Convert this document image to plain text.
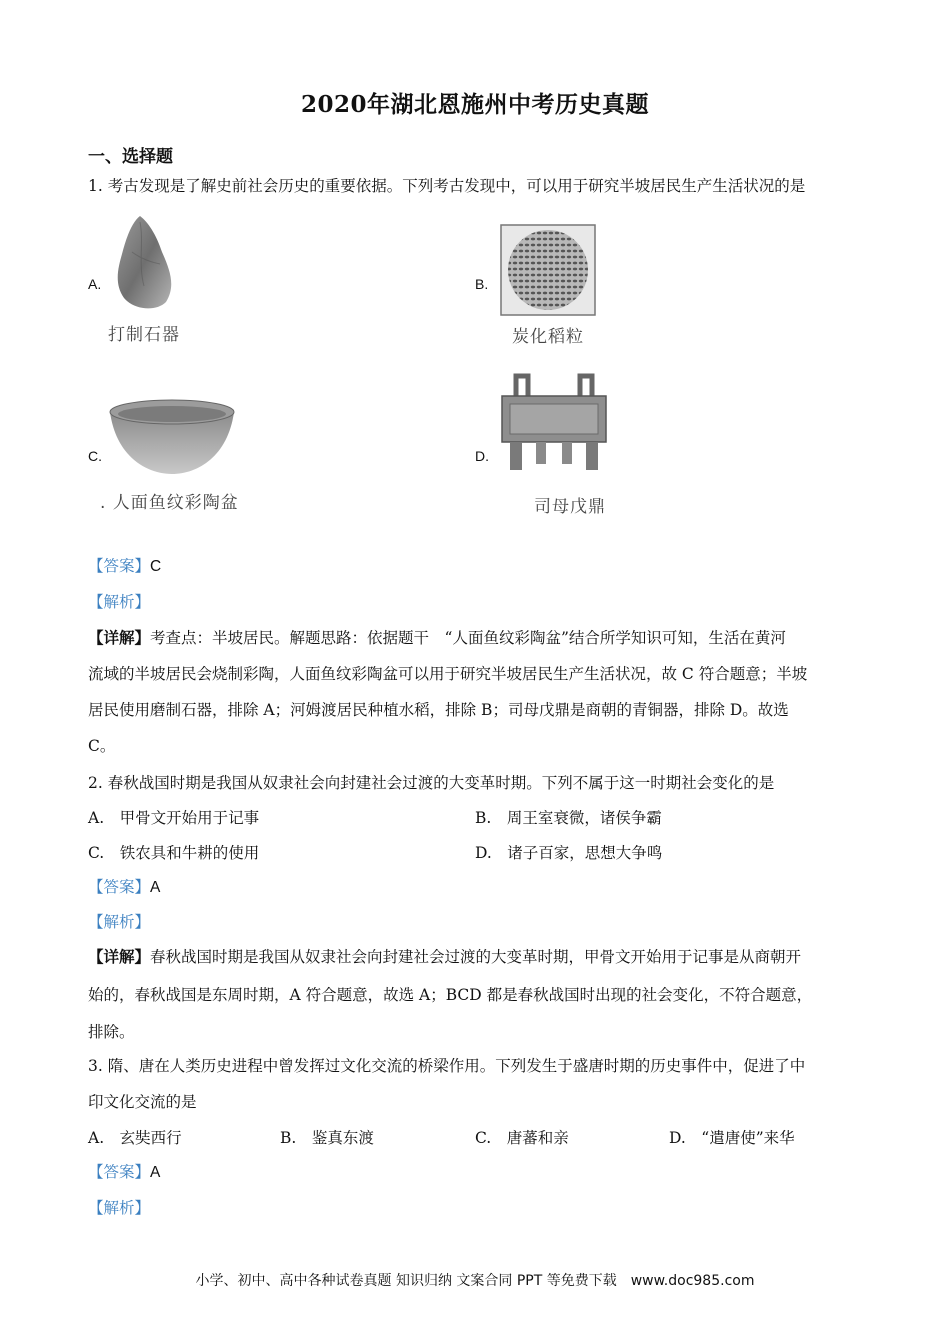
2020年湖北恩施州中考历史真题
一、选择题
1. 考古发现是了解史前社会历史的重要依据。下列考古发现中，可以用于研究半坡居民生产生活状况的是
A.
打制石器
B.
炭化稻粒
C.
. 人面鱼纹彩陶盆
D.
司母戊鼎
【答案】C
【解析】
【详解】考查点：半坡居民。解题思路：依据题干　“人面鱼纹彩陶盆”结合所学知识可知，生活在黄河
流域的半坡居民会烧制彩陶，人面鱼纹彩陶盆可以用于研究半坡居民生产生活状况，故 C 符合题意；半坡
居民使用磨制石器，排除 A；河姆渡居民种植水稻，排除 B；司母戊鼎是商朝的青铜器，排除 D。故选
C。
2. 春秋战国时期是我国从奴隶社会向封建社会过渡的大变革时期。下列不属于这一时期社会变化的是
A.　甲骨文开始用于记事	B.　周王室衰微，诸侯争霸
C.　铁农具和牛耕的使用	D.　诸子百家，思想大争鸣
【答案】A
【解析】
【详解】春秋战国时期是我国从奴隶社会向封建社会过渡的大变革时期，甲骨文开始用于记事是从商朝开
始的，春秋战国是东周时期，A 符合题意，故选 A；BCD 都是春秋战国时出现的社会变化，不符合题意，
排除。
3. 隋、唐在人类历史进程中曾发挥过文化交流的桥梁作用。下列发生于盛唐时期的历史事件中，促进了中
印文化交流的是
A.　玄奘西行	B.　鉴真东渡	C.　唐蕃和亲	D.　“遣唐使”来华
【答案】A
【解析】
小学、初中、高中各种试卷真题 知识归纳 文案合同 PPT 等免费下载　www.doc985.com
